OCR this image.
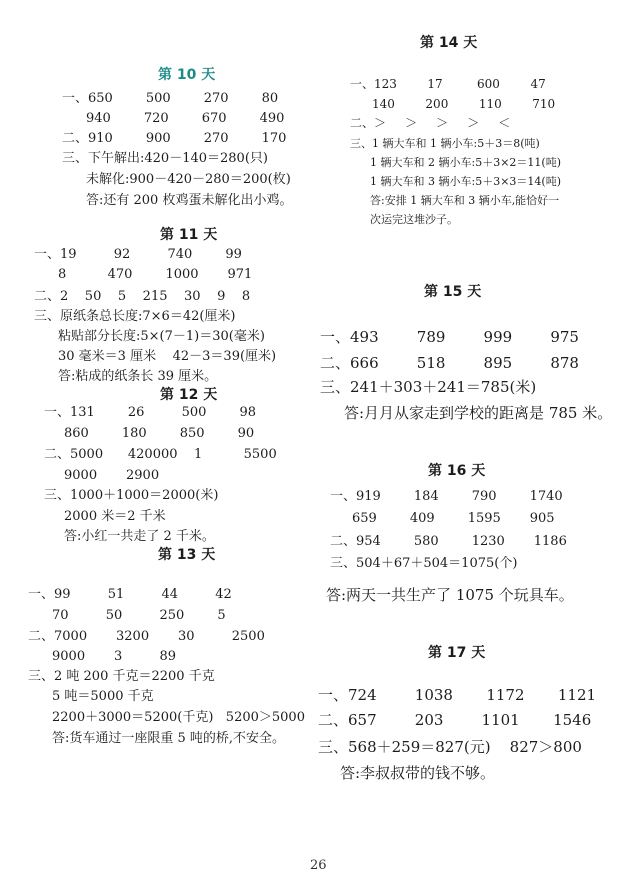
第 10 天
一、650        500        270        80
940        720        670        490
二、910        900        270        170
三、下午解出:420－140＝280(只)
未解化:900－420－280＝200(枚)
答:还有 200 枚鸡蛋未解化出小鸡。
第 11 天
一、19         92         740        99
8          470        1000       971
二、2    50    5    215    30    9    8
三、原纸条总长度:7×6＝42(厘米)
粘贴部分长度:5×(7－1)＝30(毫米)
30 毫米＝3 厘米    42－3＝39(厘米)
答:粘成的纸条长 39 厘米。
第 12 天
一、131        26         500        98
860        180        850        90
二、5000      420000    1          5500
9000       2900
三、1000＋1000＝2000(米)
2000 米＝2 千米
答:小红一共走了 2 千米。
第 13 天
一、99         51         44         42
70         50         250        5
二、7000       3200       30         2500
9000       3         89
三、2 吨 200 千克＝2200 千克
5 吨＝5000 千克
2200＋3000＝5200(千克)   5200＞5000
答:货车通过一座限重 5 吨的桥,不安全。
第 14 天
一、123        17         600        47
140        200        110        710
二、＞     ＞     ＞     ＞     ＜
三、1 辆大车和 1 辆小车:5＋3＝8(吨)
1 辆大车和 2 辆小车:5＋3×2＝11(吨)
1 辆大车和 3 辆小车:5＋3×3＝14(吨)
答:安排 1 辆大车和 3 辆小车,能恰好一
次运完这堆沙子。
第 15 天
一、493        789        999        975
二、666        518        895        878
三、241＋303＋241＝785(米)
答:月月从家走到学校的距离是 785 米。
第 16 天
一、919        184        790        1740
659        409        1595       905
二、954        580        1230       1186
三、504＋67＋504＝1075(个)
答:两天一共生产了 1075 个玩具车。
第 17 天
一、724        1038       1172       1121
二、657        203        1101       1546
三、568＋259＝827(元)    827＞800
答:李叔叔带的钱不够。
26
